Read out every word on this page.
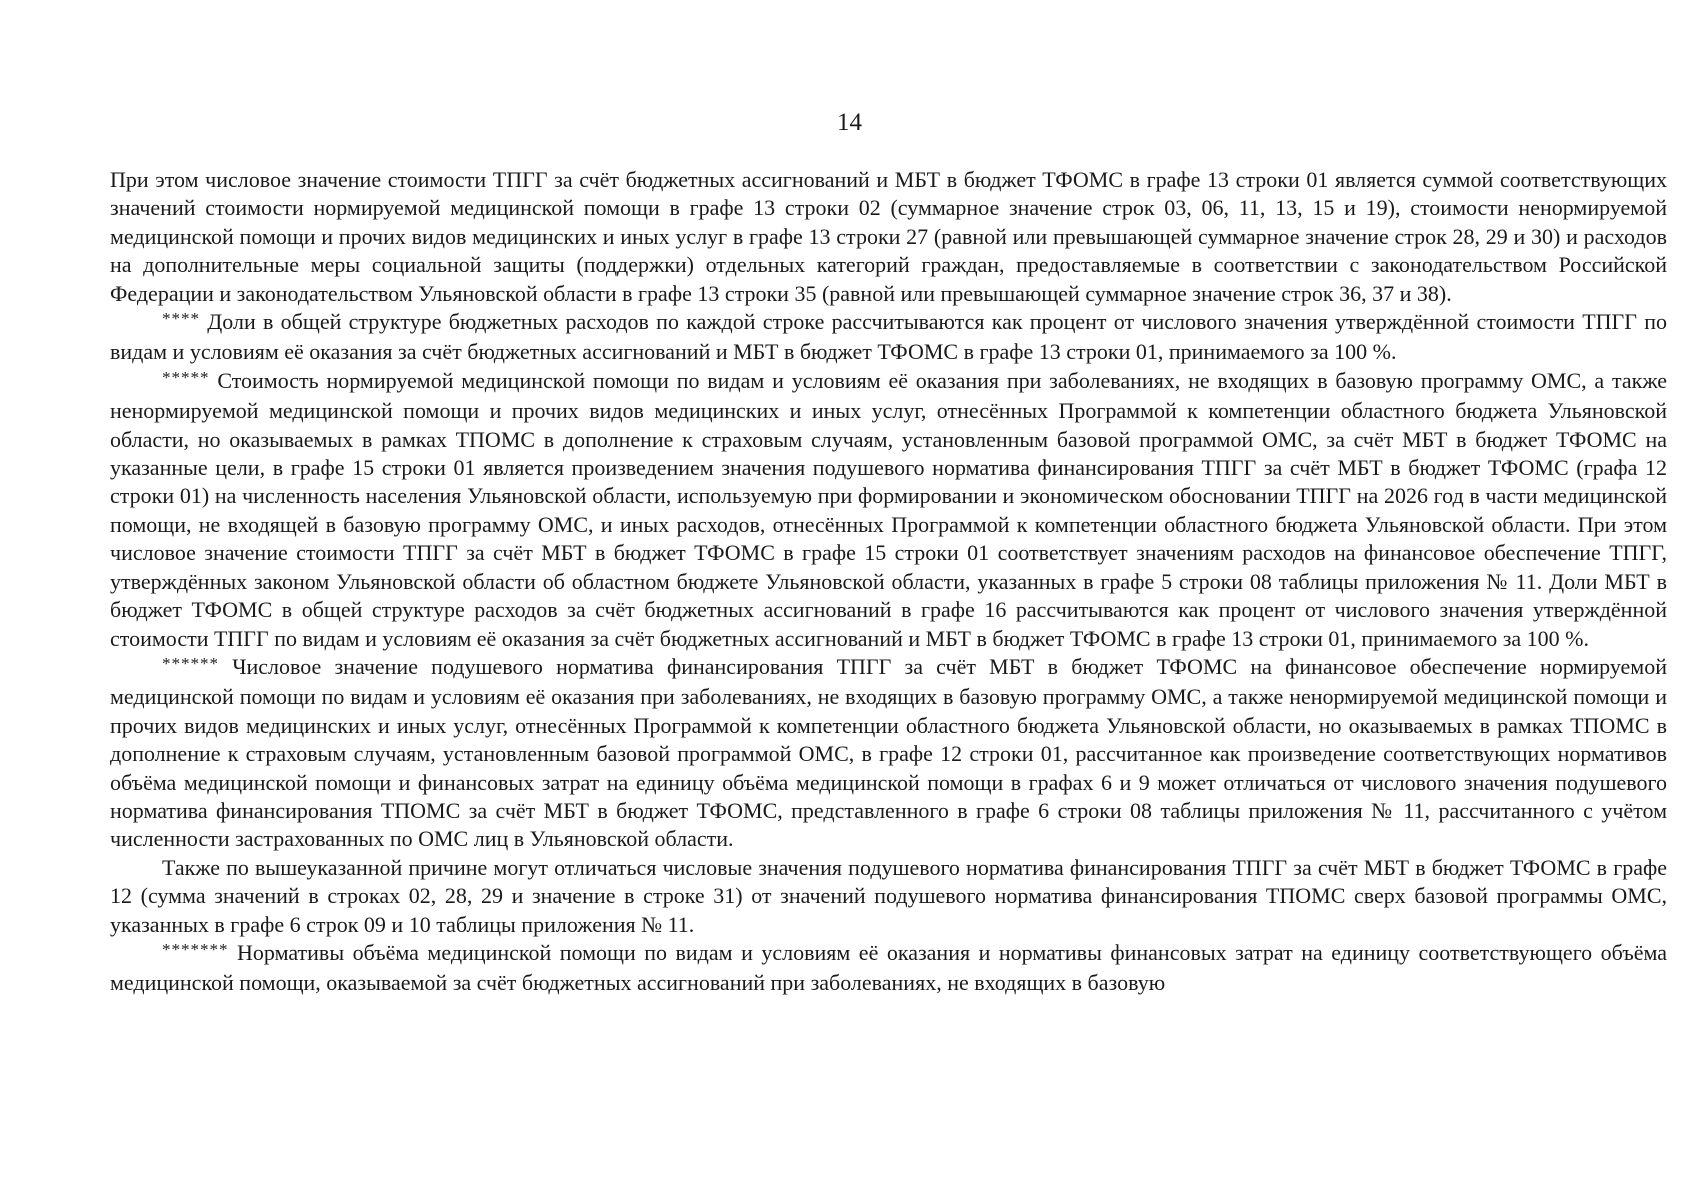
14

При этом числовое значение стоимости ТПГГ за счёт бюджетных ассигнований и МБТ в бюджет ТФОМС в графе 13 строки 01 является суммой соответствующих значений стоимости нормируемой медицинской помощи в графе 13 строки 02 (суммарное значение строк 03, 06, 11, 13, 15 и 19), стоимости ненормируемой медицинской помощи и прочих видов медицинских и иных услуг в графе 13 строки 27 (равной или превышающей суммарное значение строк 28, 29 и 30) и расходов на дополнительные меры социальной защиты (поддержки) отдельных категорий граждан, предоставляемые в соответствии с законодательством Российской Федерации и законодательством Ульяновской области в графе 13 строки 35 (равной или превышающей суммарное значение строк 36, 37 и 38).

**** Доли в общей структуре бюджетных расходов по каждой строке рассчитываются как процент от числового значения утверждённой стоимости ТПГГ по видам и условиям её оказания за счёт бюджетных ассигнований и МБТ в бюджет ТФОМС в графе 13 строки 01, принимаемого за 100 %.

***** Стоимость нормируемой медицинской помощи по видам и условиям её оказания при заболеваниях, не входящих в базовую программу ОМС, а также ненормируемой медицинской помощи и прочих видов медицинских и иных услуг, отнесённых Программой к компетенции областного бюджета Ульяновской области, но оказываемых в рамках ТПОМС в дополнение к страховым случаям, установленным базовой программой ОМС, за счёт МБТ в бюджет ТФОМС на указанные цели, в графе 15 строки 01 является произведением значения подушевого норматива финансирования ТПГГ за счёт МБТ в бюджет ТФОМС (графа 12 строки 01) на численность населения Ульяновской области, используемую при формировании и экономическом обосновании ТПГГ на 2026 год в части медицинской помощи, не входящей в базовую программу ОМС, и иных расходов, отнесённых Программой к компетенции областного бюджета Ульяновской области. При этом числовое значение стоимости ТПГГ за счёт МБТ в бюджет ТФОМС в графе 15 строки 01 соответствует значениям расходов на финансовое обеспечение ТПГГ, утверждённых законом Ульяновской области об областном бюджете Ульяновской области, указанных в графе 5 строки 08 таблицы приложения № 11. Доли МБТ в бюджет ТФОМС в общей структуре расходов за счёт бюджетных ассигнований в графе 16 рассчитываются как процент от числового значения утверждённой стоимости ТПГГ по видам и условиям её оказания за счёт бюджетных ассигнований и МБТ в бюджет ТФОМС в графе 13 строки 01, принимаемого за 100 %.

****** Числовое значение подушевого норматива финансирования ТПГГ за счёт МБТ в бюджет ТФОМС на финансовое обеспечение нормируемой медицинской помощи по видам и условиям её оказания при заболеваниях, не входящих в базовую программу ОМС, а также ненормируемой медицинской помощи и прочих видов медицинских и иных услуг, отнесённых Программой к компетенции областного бюджета Ульяновской области, но оказываемых в рамках ТПОМС в дополнение к страховым случаям, установленным базовой программой ОМС, в графе 12 строки 01, рассчитанное как произведение соответствующих нормативов объёма медицинской помощи и финансовых затрат на единицу объёма медицинской помощи в графах 6 и 9 может отличаться от числового значения подушевого норматива финансирования ТПОМС за счёт МБТ в бюджет ТФОМС, представленного в графе 6 строки 08 таблицы приложения № 11, рассчитанного с учётом численности застрахованных по ОМС лиц в Ульяновской области.

Также по вышеуказанной причине могут отличаться числовые значения подушевого норматива финансирования ТПГГ за счёт МБТ в бюджет ТФОМС в графе 12 (сумма значений в строках 02, 28, 29 и значение в строке 31) от значений подушевого норматива финансирования ТПОМС сверх базовой программы ОМС, указанных в графе 6 строк 09 и 10 таблицы приложения № 11.

******* Нормативы объёма медицинской помощи по видам и условиям её оказания и нормативы финансовых затрат на единицу соответствующего объёма медицинской помощи, оказываемой за счёт бюджетных ассигнований при заболеваниях, не входящих в базовую
